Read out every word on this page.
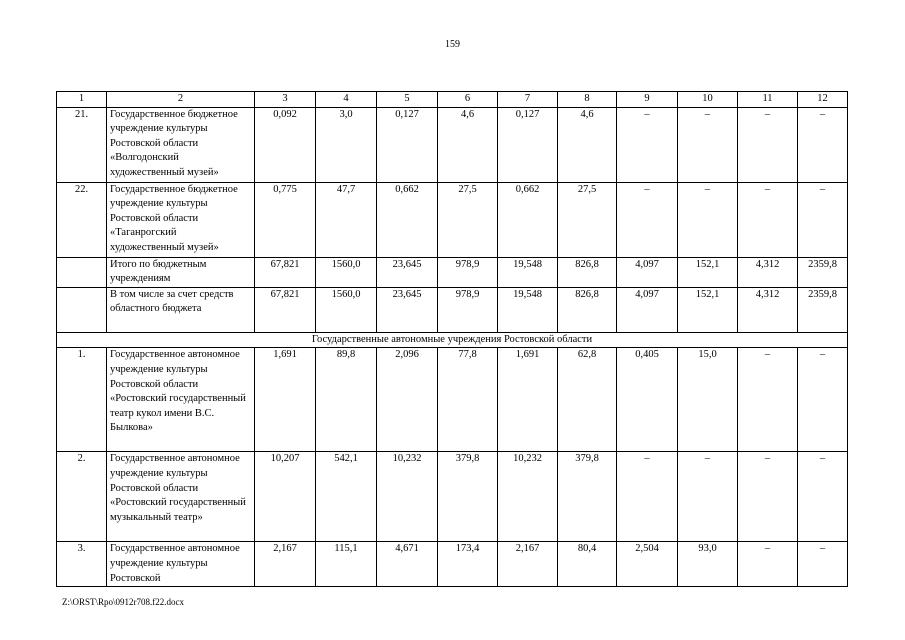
159
1	2	3	4	5	6	7	8	9	10	11	12
21.	Государственное бюджетное учреждение культуры Ростовской области «Волгодонский художественный музей»	0,092	3,0	0,127	4,6	0,127	4,6	–	–	–	–
22.	Государственное бюджетное учреждение культуры Ростовской области «Таганрогский художественный музей»	0,775	47,7	0,662	27,5	0,662	27,5	–	–	–	–
	Итого по бюджетным учреждениям	67,821	1560,0	23,645	978,9	19,548	826,8	4,097	152,1	4,312	2359,8
	В том числе за счет средств областного бюджета	67,821	1560,0	23,645	978,9	19,548	826,8	4,097	152,1	4,312	2359,8
Государственные автономные учреждения Ростовской области											
1.	Государственное автономное учреждение культуры Ростовской области «Ростовский государственный театр кукол имени В.С. Былкова»	1,691	89,8	2,096	77,8	1,691	62,8	0,405	15,0	–	–
2.	Государственное автономное учреждение культуры Ростовской области «Ростовский государственный музыкальный театр»	10,207	542,1	10,232	379,8	10,232	379,8	–	–	–	–
3.	Государственное автономное учреждение культуры Ростовской	2,167	115,1	4,671	173,4	2,167	80,4	2,504	93,0	–	–
Z:\ORST\Rpo\0912r708.f22.docx
